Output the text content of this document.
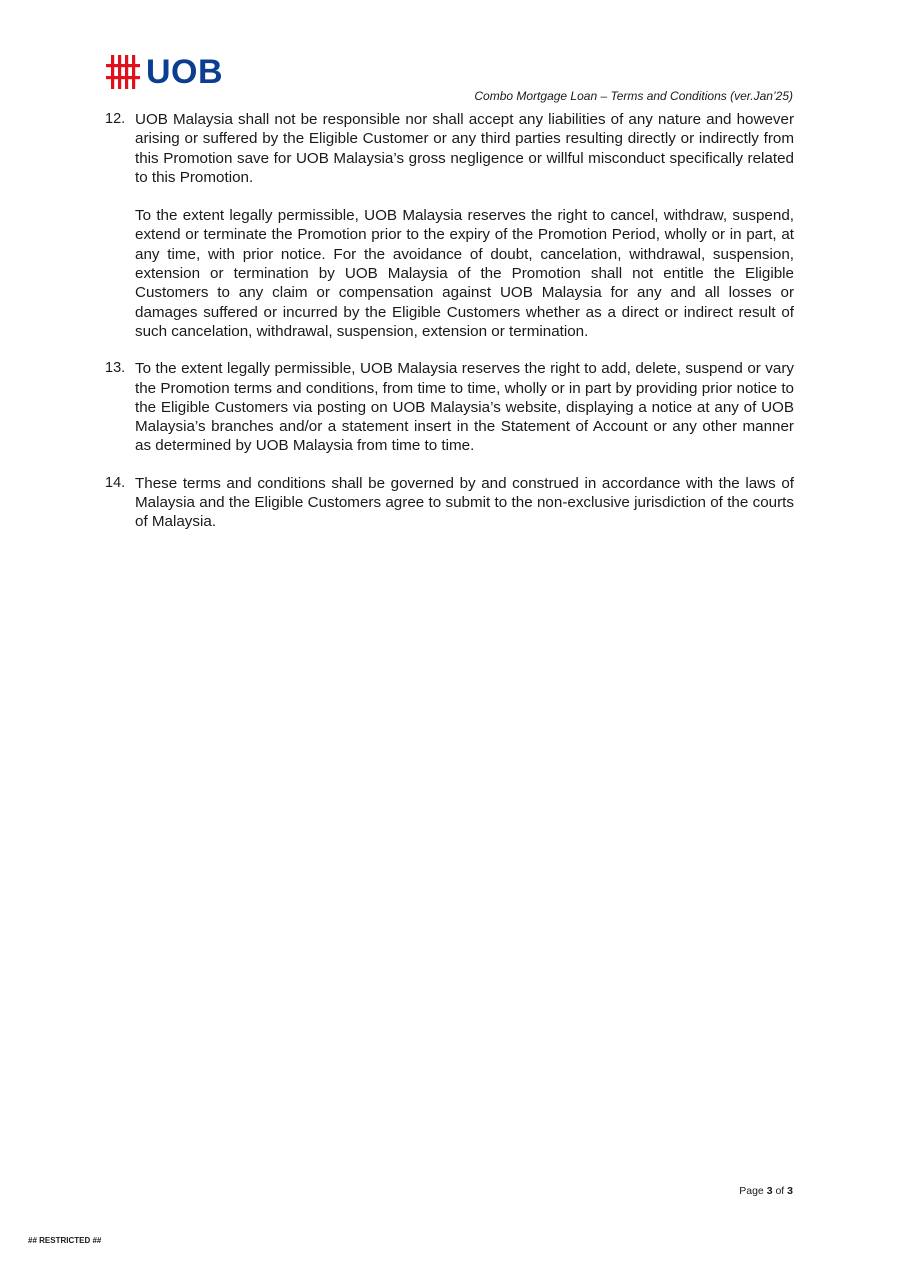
UOB
Combo Mortgage Loan – Terms and Conditions (ver.Jan’25)
12. UOB Malaysia shall not be responsible nor shall accept any liabilities of any nature and however arising or suffered by the Eligible Customer or any third parties resulting directly or indirectly from this Promotion save for UOB Malaysia’s gross negligence or willful misconduct specifically related to this Promotion.

To the extent legally permissible, UOB Malaysia reserves the right to cancel, withdraw, suspend, extend or terminate the Promotion prior to the expiry of the Promotion Period, wholly or in part, at any time, with prior notice. For the avoidance of doubt, cancelation, withdrawal, suspension, extension or termination by UOB Malaysia of the Promotion shall not entitle the Eligible Customers to any claim or compensation against UOB Malaysia for any and all losses or damages suffered or incurred by the Eligible Customers whether as a direct or indirect result of such cancelation, withdrawal, suspension, extension or termination.

13. To the extent legally permissible, UOB Malaysia reserves the right to add, delete, suspend or vary the Promotion terms and conditions, from time to time, wholly or in part by providing prior notice to the Eligible Customers via posting on UOB Malaysia’s website, displaying a notice at any of UOB Malaysia’s branches and/or a statement insert in the Statement of Account or any other manner as determined by UOB Malaysia from time to time.

14. These terms and conditions shall be governed by and construed in accordance with the laws of Malaysia and the Eligible Customers agree to submit to the non-exclusive jurisdiction of the courts of Malaysia.

Page 3 of 3
## RESTRICTED ##
